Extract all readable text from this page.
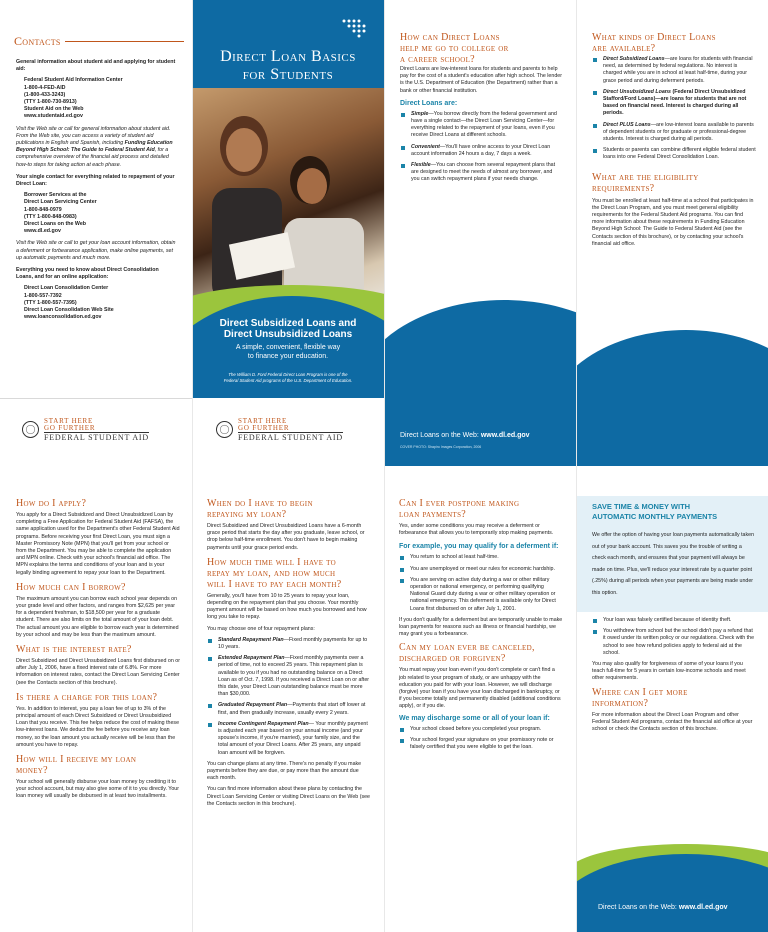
Contacts

General information about student aid and applying for student aid:

Federal Student Aid Information Center

1-800-4-FED-AID

(1-800-433-3243)

(TTY 1-800-730-8913)

Student Aid on the Web

www.studentaid.ed.gov

Visit the Web site or call for general information about student aid. From the Web site, you can access a variety of student aid publications in English and Spanish, including Funding Education Beyond High School: The Guide to Federal Student Aid, for a comprehensive overview of the financial aid process and detailed how-to steps for taking action at each phase.

Your single contact for everything related to repayment of your Direct Loan:

Borrower Services at the

Direct Loan Servicing Center

1-800-848-0979

(TTY 1-800-848-0983)

Direct Loans on the Web

www.dl.ed.gov

Visit the Web site or call to get your loan account information, obtain a deferment or forbearance application, make online payments, set up automatic payments and much more.

Everything you need to know about Direct Consolidation Loans, and for an online application:

Direct Loan Consolidation Center

1-800-557-7392

(TTY 1-800-557-7395)

Direct Loan Consolidation Web Site

www.loanconsolidation.ed.gov

START HERE
GO FURTHER
FEDERAL STUDENT AID
Direct Loan Basics
for Students
Direct Subsidized Loans and
Direct Unsubsidized Loans
A simple, convenient, flexible way
to finance your education.
The William D. Ford Federal Direct Loan Program is one of the
Federal Student Aid programs of the U.S. Department of Education.
START HERE
GO FURTHER
FEDERAL STUDENT AID
How can Direct Loans
help me go to college or
a career school?

Direct Loans are low-interest loans for students and parents to help pay for the cost of a student's education after high school. The lender is the U.S. Department of Education (the Department) rather than a bank or other financial institution.

Direct Loans are:
Simple—You borrow directly from the federal government and have a single contact—the Direct Loan Servicing Center—for everything related to the repayment of your loans, even if you receive Direct Loans at different schools.
Convenient—You'll have online access to your Direct Loan account information 24 hours a day, 7 days a week.
Flexible—You can choose from several repayment plans that are designed to meet the needs of almost any borrower, and you can switch repayment plans if your needs change.
Direct Loans on the Web: www.dl.ed.gov
COVER PHOTO: Shapiro Images Corporation, 2006
What kinds of Direct Loans
are available?
Direct Subsidized Loans—are loans for students with financial need, as determined by federal regulations. No interest is charged while you are in school at least half-time, during your grace period and during deferment periods.
Direct Unsubsidized Loans (Federal Direct Unsubsidized Stafford/Ford Loans)—are loans for students that are not based on financial need. Interest is charged during all periods.
Direct PLUS Loans—are low-interest loans available to parents of dependent students or for graduate or professional-degree students. Interest is charged during all periods.
Students or parents can combine different eligible federal student loans into one Federal Direct Consolidation Loan.
What are the eligibility
requirements?

You must be enrolled at least half-time at a school that participates in the Direct Loan Program, and you must meet general eligibility requirements for the Federal Student Aid programs. You can find more information about these requirements in Funding Education Beyond High School: The Guide to Federal Student Aid (see the Contacts section of this brochure), or by contacting your school's financial aid office.

How do I apply?

You apply for a Direct Subsidized and Direct Unsubsidized Loan by completing a Free Application for Federal Student Aid (FAFSA), the same application used for the Department's other Federal Student Aid programs. Before receiving your first Direct Loan, you must sign a Master Promissory Note (MPN) that you'll get from your school or from the Department. You may be able to complete the application and MPN online. Check with your school's financial aid office. The MPN explains the terms and conditions of your loan and is your legally binding agreement to repay your loan to the Department.

How much can I borrow?

The maximum amount you can borrow each school year depends on your grade level and other factors, and ranges from $2,625 per year for a dependent freshman, to $18,500 per year for a graduate student. There are also limits on the total amount of your loan debt. The actual amount you are eligible to borrow each year is determined by your school and may be less than the maximum amount.

What is the interest rate?

Direct Subsidized and Direct Unsubsidized Loans first disbursed on or after July 1, 2006, have a fixed interest rate of 6.8%. For more information on interest rates, contact the Direct Loan Servicing Center (see the Contacts section of this brochure).

Is there a charge for this loan?

Yes. In addition to interest, you pay a loan fee of up to 3% of the principal amount of each Direct Subsidized or Direct Unsubsidized Loan that you receive. This fee helps reduce the cost of making these low-interest loans. We deduct the fee before you receive any loan money, so the loan amount you actually receive will be less than the amount you have to repay.

How will I receive my loan
money?

Your school will generally disburse your loan money by crediting it to your school account, but may also give some of it to you directly. Your loan money will usually be disbursed in at least two installments.

When do I have to begin
repaying my loan?

Direct Subsidized and Direct Unsubsidized Loans have a 6-month grace period that starts the day after you graduate, leave school, or drop below half-time enrollment. You don't have to begin making payments until your grace period ends.

How much time will I have to
repay my loan, and how much
will I have to pay each month?

Generally, you'll have from 10 to 25 years to repay your loan, depending on the repayment plan that you choose. Your monthly payment amount will be based on how much you borrowed and how long you take to repay.

You may choose one of four repayment plans:

Standard Repayment Plan—Fixed monthly payments for up to 10 years.
Extended Repayment Plan—Fixed monthly payments over a period of time, not to exceed 25 years. This repayment plan is available to you if you had no outstanding balance on a Direct Loan as of Oct. 7, 1998. If you received a Direct Loan on or after this date, your Direct Loan outstanding balance must be more than $30,000.
Graduated Repayment Plan—Payments that start off lower at first, and then gradually increase, usually every 2 years.
Income Contingent Repayment Plan— Your monthly payment is adjusted each year based on your annual income (and your spouse's income, if you're married), your family size, and the total amount of your Direct Loans. After 25 years, any unpaid loan amount will be forgiven.

You can change plans at any time. There's no penalty if you make payments before they are due, or pay more than the amount due each month.

You can find more information about these plans by contacting the Direct Loan Servicing Center or visiting Direct Loans on the Web (see the Contacts section in this brochure).

Can I ever postpone making
loan payments?

Yes, under some conditions you may receive a deferment or forbearance that allows you to temporarily stop making payments.

For example, you may qualify for a deferment if:
You return to school at least half-time.
You are unemployed or meet our rules for economic hardship.
You are serving on active duty during a war or other military operation or national emergency, or performing qualifying National Guard duty during a war or other military operation or national emergency. This deferment is available only for Direct Loans first disbursed on or after July 1, 2001.

If you don't qualify for a deferment but are temporarily unable to make loan payments for reasons such as illness or financial hardship, we may grant you a forbearance.

Can my loan ever be canceled,
discharged or forgiven?

You must repay your loan even if you don't complete or can't find a job related to your program of study, or are unhappy with the education you paid for with your loan. However, we will discharge (forgive) your loan if you have your loan discharged in bankruptcy, or if you become totally and permanently disabled (additional conditions apply), or if you die.

We may discharge some or all of your loan if:
Your school closed before you completed your program.
Your school forged your signature on your promissory note or falsely certified that you were eligible to get the loan.
SAVE TIME & MONEY WITH
AUTOMATIC MONTHLY PAYMENTS

We offer the option of having your loan payments automatically taken out of your bank account. This saves you the trouble of writing a check each month, and ensures that your payment will always be made on time. Plus, we'll reduce your interest rate by a quarter point (.25%) during all periods when your payments are being made under this option.

Your loan was falsely certified because of identity theft.
You withdrew from school but the school didn't pay a refund that it owed under its written policy or our regulations. Check with the school to see how refund policies apply to federal aid at the school.

You may also qualify for forgiveness of some of your loans if you teach full-time for 5 years in certain low-income schools and meet other requirements.

Where can I get more
information?

For more information about the Direct Loan Program and other Federal Student Aid programs, contact the financial aid office at your school or check the Contacts section of this brochure.

Direct Loans on the Web: www.dl.ed.gov
